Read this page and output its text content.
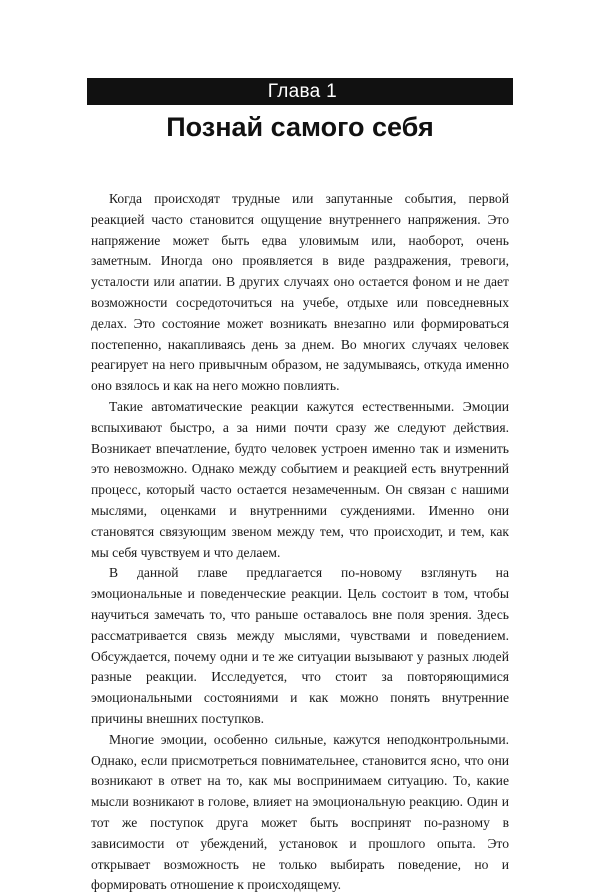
Глава 1
Познай самого себя

Когда происходят трудные или запутанные события, первой реакцией часто становится ощущение внутреннего напряжения. Это напряжение может быть едва уловимым или, наоборот, очень заметным. Иногда оно проявляется в виде раздражения, тревоги, усталости или апатии. В других случаях оно остается фоном и не дает возможности сосредоточиться на учебе, отдыхе или повседневных делах. Это состояние может возникать внезапно или формироваться постепенно, накапливаясь день за днем. Во многих случаях человек реагирует на него привычным образом, не задумываясь, откуда именно оно взялось и как на него можно повлиять.

Такие автоматические реакции кажутся естественными. Эмоции вспыхивают быстро, а за ними почти сразу же следуют действия. Возникает впечатление, будто человек устроен именно так и изменить это невозможно. Однако между событием и реакцией есть внутренний процесс, который часто остается незамеченным. Он связан с нашими мыслями, оценками и внутренними суждениями. Именно они становятся связующим звеном между тем, что происходит, и тем, как мы себя чувствуем и что делаем.

В данной главе предлагается по-новому взглянуть на эмоциональные и поведенческие реакции. Цель состоит в том, чтобы научиться замечать то, что раньше оставалось вне поля зрения. Здесь рассматривается связь между мыслями, чувствами и поведением. Обсуждается, почему одни и те же ситуации вызывают у разных людей разные реакции. Исследуется, что стоит за повторяющимися эмоциональными состояниями и как можно понять внутренние причины внешних поступков.

Многие эмоции, особенно сильные, кажутся неподконтрольными. Однако, если присмотреться повнимательнее, становится ясно, что они возникают в ответ на то, как мы воспринимаем ситуацию. То, какие мысли возникают в голове, влияет на эмоциональную реакцию. Один и тот же поступок друга может быть воспринят по-разному в зависимости от убеждений, установок и прошлого опыта. Это открывает возможность не только выбирать поведение, но и формировать отношение к происходящему.
